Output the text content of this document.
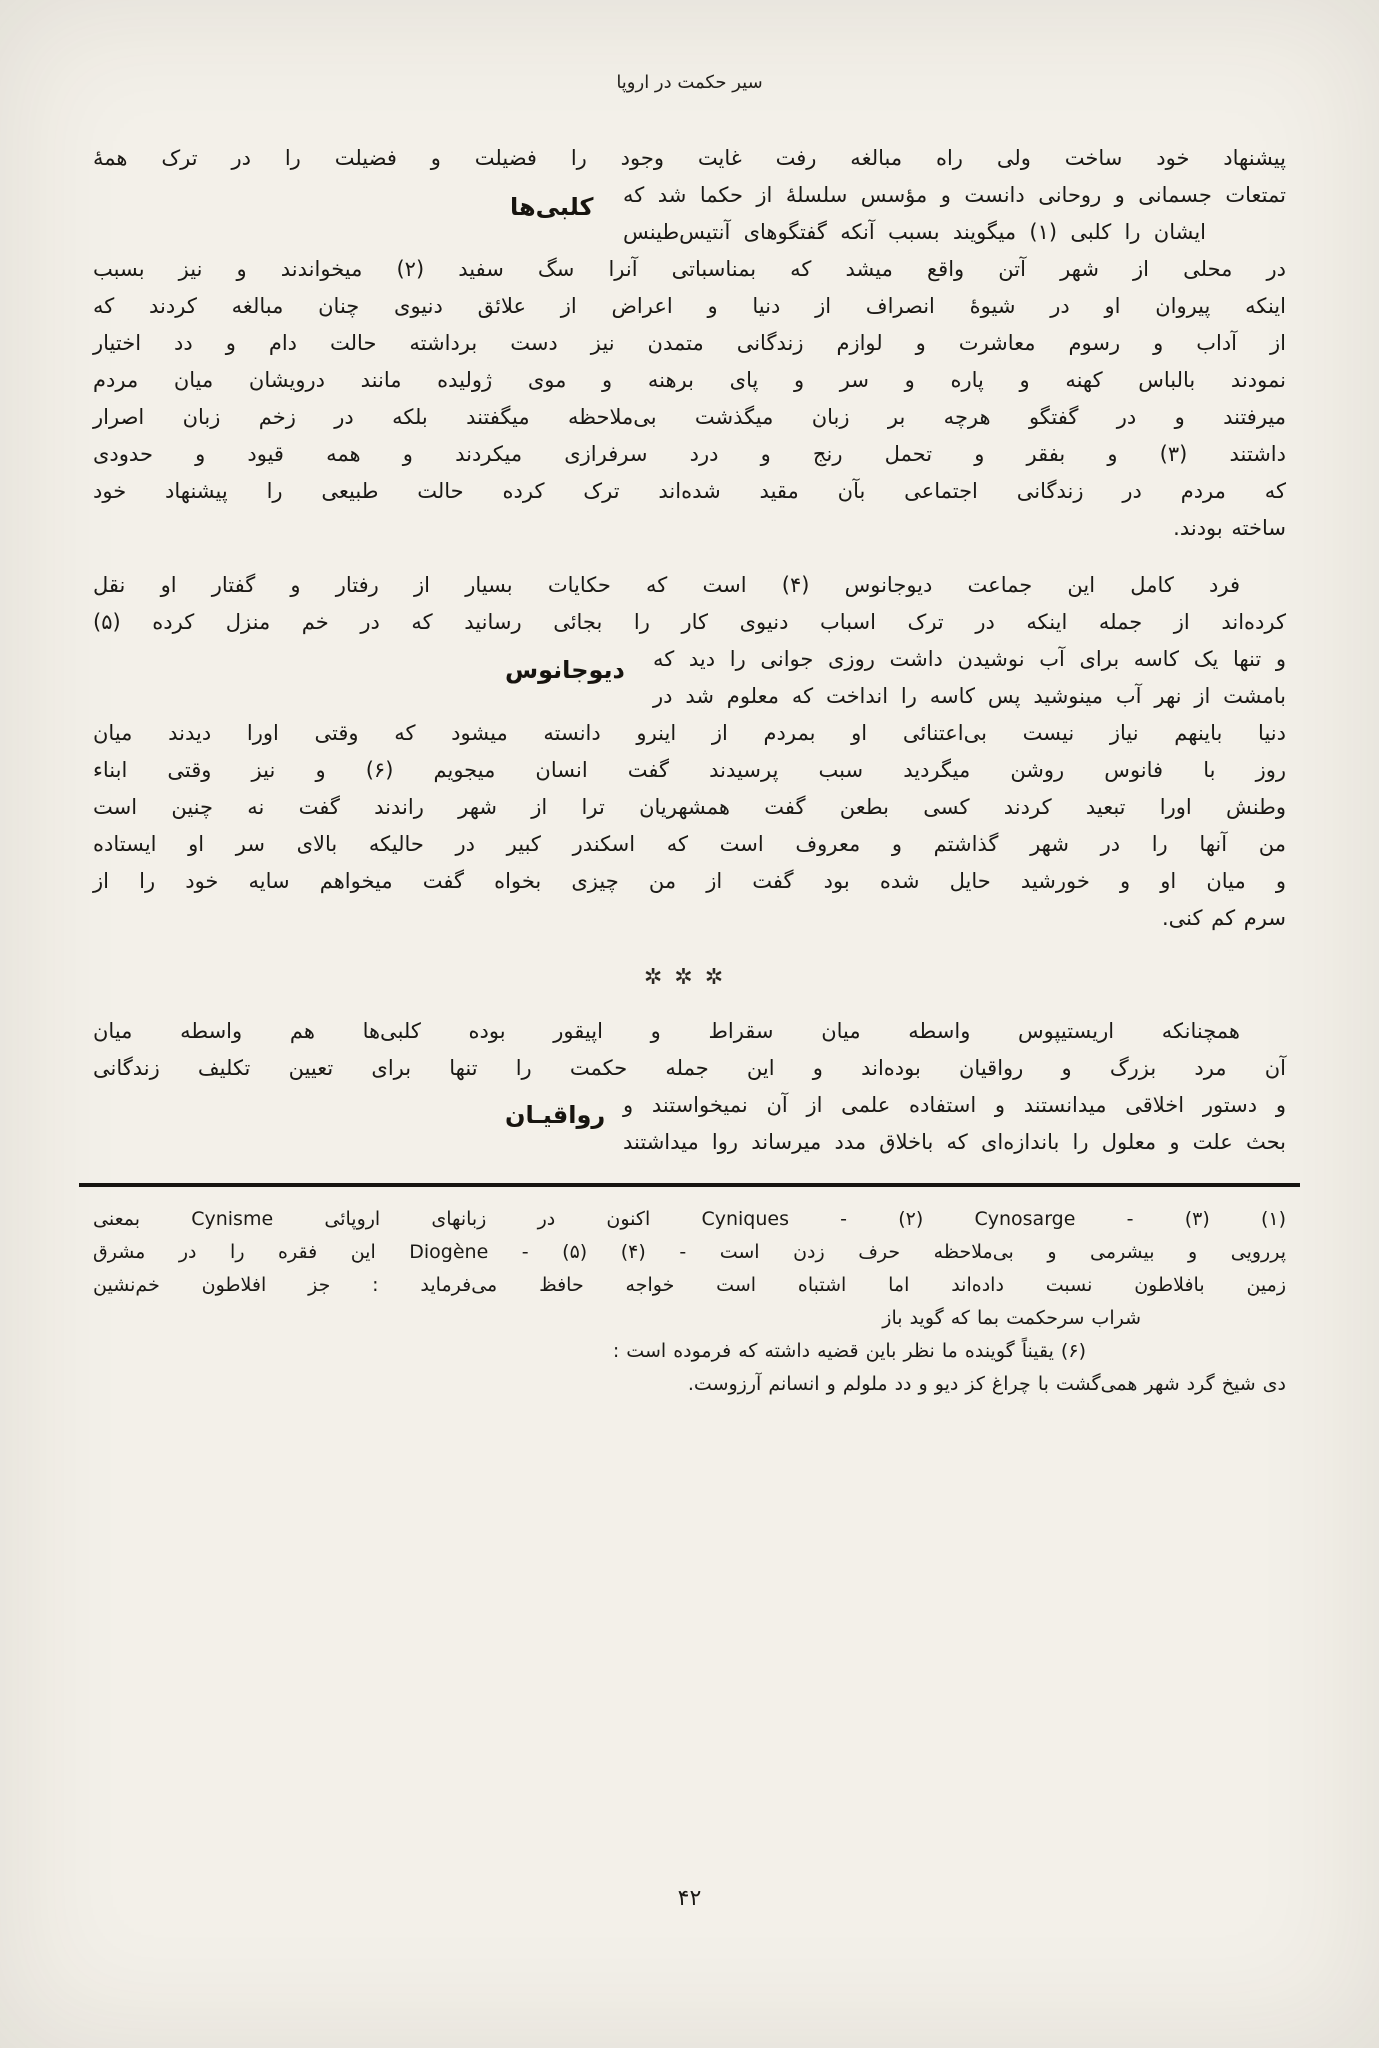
سیر حکمت در اروپا
کلبی‌ها
دیوجانوس
رواقیـان
پیشنهاد خود ساخت ولی راه مبالغه رفت غایت وجود را فضیلت و فضیلت را در ترک همهٔ
تمتعات جسمانی و روحانی دانست و مؤسس سلسلهٔ از حکما شد که
ایشان را کلبی (۱) میگویند بسبب آنکه گفتگوهای آنتیس‌طینس
در محلی از شهر آتن واقع میشد که بمناسباتی آنرا سگ سفید (۲) میخواندند و نیز بسبب
اینکه پیروان او در شیوهٔ انصراف از دنیا و اعراض از علائق دنیوی چنان مبالغه کردند که
از آداب و رسوم معاشرت و لوازم زندگانی متمدن نیز دست برداشته حالت دام و دد اختیار
نمودند بالباس کهنه و پاره و سر و پای برهنه و موی ژولیده مانند درویشان میان مردم
میرفتند و در گفتگو هرچه بر زبان میگذشت بی‌ملاحظه میگفتند بلکه در زخم زبان اصرار
داشتند (۳) و بفقر و تحمل رنج و درد سرفرازی میکردند و همه قیود و حدودی
که مردم در زندگانی اجتماعی بآن مقید شده‌اند ترک کرده حالت طبیعی را پیشنهاد خود
ساخته بودند.
فرد کامل این جماعت دیوجانوس (۴) است که حکایات بسیار از رفتار و گفتار او نقل
کرده‌اند از جمله اینکه در ترک اسباب دنیوی کار را بجائی رسانید که در خم منزل کرده (۵)
و تنها یک کاسه برای آب نوشیدن داشت روزی جوانی را دید که
بامشت از نهر آب مینوشید پس کاسه را انداخت که معلوم شد در
دنیا باینهم نیاز نیست بی‌اعتنائی او بمردم از اینرو دانسته میشود که وقتی اورا دیدند میان
روز با فانوس روشن میگردید سبب پرسیدند گفت انسان میجویم (۶) و نیز وقتی ابناء
وطنش اورا تبعید کردند کسی بطعن گفت همشهریان ترا از شهر راندند گفت نه چنین است
من آنها را در شهر گذاشتم و معروف است که اسکندر کبیر در حالیکه بالای سر او ایستاده
و میان او و خورشید حایل شده بود گفت از من چیزی بخواه گفت میخواهم سایه خود را از
سرم کم کنی.
✲✲✲
همچنانکه اریستیپوس واسطه میان سقراط و اپیقور بوده کلبی‌ها هم واسطه میان
آن مرد بزرگ و رواقیان بوده‌اند و این جمله حکمت را تنها برای تعیین تکلیف زندگانی
و دستور اخلاقی میدانستند و استفاده علمی از آن نمیخواستند و
بحث علت و معلول را باندازه‌ای که باخلاق مدد میرساند روا میداشتند
(۱) Cyniques - (۲) Cynosarge - (۳) اکنون در زبانهای اروپائی Cynisme بمعنی
پررویی و بیشرمی و بی‌ملاحظه حرف زدن است - (۴) Diogène - (۵) این فقره را در مشرق
زمین بافلاطون نسبت داده‌اند اما اشتباه است خواجه حافظ می‌فرماید : جز افلاطون خم‌نشین
شراب سرحکمت بما که گوید باز
(۶) یقیناً گوینده ما نظر باین قضیه داشته که فرموده است :
دی شیخ گرد شهر همی‌گشت با چراغ کز دیو و دد ملولم و انسانم آرزوست.
۴۲
